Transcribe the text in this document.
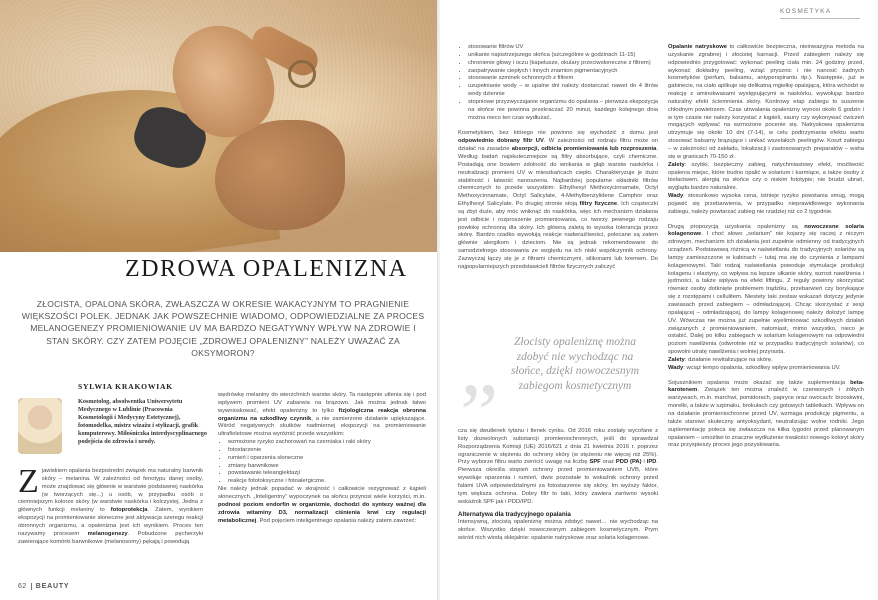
ZDROWA OPALENIZNA
ZŁOCISTA, OPALONA SKÓRA, ZWŁASZCZA W OKRESIE WAKACYJNYM TO PRAGNIENIE WIĘKSZOŚCI POLEK. JEDNAK JAK POWSZECHNIE WIADOMO, ODPOWIEDZIALNE ZA PROCES MELANOGENEZY PROMIENIOWANIE UV MA BARDZO NEGATYWNY WPŁYW NA ZDROWIE I STAN SKÓRY. CZY ZATEM POJĘCIE „ZDROWEJ OPALENIZNY” NALEŻY UWAŻAĆ ZA OKSYMORON?
SYLWIA KRAKOWIAK
Kosmetolog, absolwentka Uniwersytetu Medycznego w Lublinie (Pracownia Kosmetologii i Medycyny Estetycznej), fotomodelka, mistrz wizażu i stylizacji, grafik komputerowy. Miłośniczka interdyscyplinarnego podejścia do zdrowia i urody.

Zjawiskiem opalania bezpośredni związek ma naturalny barwnik skóry – melanina. W zależności od fenotypu danej osoby, może znajdować się głównie w warstwie podstawnej naskórka (w tworzących się...) u osób, w przypadku osób o ciemniejszym kolorze skóry (w warstwie naskórka i kolczystej. Jedna z głównych funkcji melaniny to fotoprotekcja. Zatem, wynikiem ekspozycji na promieniowanie słoneczne jest aktywacja szeregu reakcji obronnych organizmu, a opalenizna jest ich wynikiem. Proces ten nazywamy procesem melanogenezy. Pobudzone pęcherzyki zawierające komórki barwnikowe (melanosomy) pękają i powodują

wędrówkę melaniny do wierzchnich warstw skóry. Ta następnie utlenia się i pod wpływem promieni UV zabarwia na brązowo. Jak można jednak łatwo wywnioskować, efekt opalenizny to tylko fizjologiczna reakcja obronna organizmu na szkodliwy czynnik, a nie zamierzone działanie upiększające. Wśród negatywnych skutków nadmiernej ekspozycji na promieniowanie ultrafioletowe można wyróżnić przede wszystkim:

• wzmożone ryzyko zachorowań na czerniaka i raki skóry
• fotostarzenie
• rumień i oparzenia słoneczne
• zmiany barwnikowe
• powstawanie teleangiektazji
• reakcje fototoksyczne i fotoalergiczne.

Nie należy jednak popadać w skrajność i całkowicie rezygnować z kąpieli słonecznych. „Inteligentny” wypoczynek na słońcu przynosi wiele korzyści, m.in. podnosi poziom endorfin w organizmie, dochodzi do syntezy ważnej dla zdrowia witaminy D3, normalizacji ciśnienia krwi czy regulacji metabolicznej. Pod pojęciem inteligentnego opalania należy zatem zawrzeć:

62 BEAUTY
KOSMETYKA
• stosowanie filtrów UV
• unikanie najostrzejszego słońca (szczególnie w godzinach 11-15)
• chronienie głowy i oczu (kapelusze, okulary przeciwsłoneczne z filtrem)
• zaopatrywanie ciepłych i innych znamion pigmentacyjnych
• stosowanie szminek ochronnych z filtrem
• uzupełnianie wody – w upalne dni należy dostarczać nawet do 4 litrów wody dziennie
• stopniowe przyzwyczajanie organizmu do opalania – pierwsza ekspozycja na słońce nie powinna przekraczać 20 minut, każdego kolejnego dnia można nieco ten czas wydłużać.

Kosmetykiem, bez którego nie powinno się wychodzić z domu jest odpowiednio dobrany filtr UV. W zależności od rodzaju filtru może on działać na zasadzie absorpcji, odbicia promieniowania lub rozproszenia. Według badań najskuteczniejsze są filtry absorbujące, czyli chemiczne. Posiadają one bowiem zdolność do wnikania w głąb warstw naskórka i neutralizacji promieni UV w mieszkańcach ciepło. Charakteryzuje je dużo stabilność i łatwość nanoszenia. Najbardziej popularne składniki filtrów chemicznych to przede wszystkim: Ethylhexyl Methoxycinnamate, Octyl Methoxycinnamate, Octyl Salicylate, 4-Methylbenzylidene Camphor oraz Ethylhexyl Salicylate. Po drugiej stronie stoją filtry fizyczne. Ich cząsteczki są zbyt duże, aby móc wniknąć do naskórka, więc ich mechanizm działania jest odbicie i rozproszenie promieniowania, co tworzy pewnego rodzaju powłokę ochronną dla skóry. Ich główną zaletą to wysoka tolerancja przez skórę. Bardzo rzadko wywołują reakcje nadwrażliwości, polecane są zatem głównie alergikom i dzieciom. Nie są jednak rekomendowane do samodzielnego stosowania ze względu na ich niski współczynnik ochrony. Zazwyczaj łączy się je z filtrami chemicznymi, silikonami lub kremem. Do najpopularniejszych przedstawicieli filtrów fizycznych zaliczyć

„	Złocisty opaleniznę można zdobyć nie wychodząc na słońce, dzięki nowoczesnym zabiegom kosmetycznym

cza się dwutlenek tytanu i tlenek cynku. Od 2016 roku zostały wycofane z listy dozwolonych substancji promieniochronnych, jeśli do sprawdzał Rozporządzenia Komisji (UE) 2016/621 z dnia 21 kwietnia 2016 r. poprzez ograniczenie w stężeniu do ochrony skóry (w stężeniu nie więcej niż 25%). Przy wyborze filtru warto zwrócić uwagę na liczbę SPF oraz PDD (PA) i IPD. Pierwsza określa stopień ochrony przed promieniowaniem UVB, które wywołuje oparzenia i rumień, dwie pozostałe to wskaźnik ochrony przed falami UVA odpowiedzialnymi za fotostarzenie się skóry. Im wyższy faktor, tym większa ochrona. Dobry filtr to taki, który zawiera zarówno wysoki wskaźnik SPF jak i PDD/IPD.

Alternatywa dla tradycyjnego opalania

Intensywną, złocistą opaleniznę można zdobyć nawet… nie wychodząc na słońce. Wszystko dzięki nowoczesnym zabiegom kosmetycznym. Prym wśród nich wiodą sklejalnie: opalanie natryskowe oraz solaria kolagenowe.

Opalanie natryskowe to całkowicie bezpieczna, nieinwazyjna metoda na uzyskanie zgrabnej i złocistej karnacji. Przed zabiegiem należy się odpowiednio przygotować: wykonać peeling ciała min. 24 godziny przed, wykonać dokładny peeling, wziąć prysznic i nie nanosić żadnych kosmetyków (perfum, balsamu, antyperspirantu itp.). Następnie, już w gabinecie, na ciało aplikuje się delikatną mgiełkę opalającą, która wchodzi w reakcję z aminokwasami występującymi w naskórku, wywołując bardzo naturalny efekt ściemnienia skóry. Kontrowy etap zabiegu to suszenie chłodnym powietrzem. Czas utrwalania opalenizny wynosi około 6 godzin i w tym czasie nie należy korzystać z kąpieli, sauny czy wykonywać ćwiczeń mogących wpływać na wzmożone pocenie się. Natryskowa opalenizna utrzymuje się około 10 dni (7-14), w celu podtrzymania efektu warto stosować balsamy brązujące i unikać wszelakich peelingów. Koszt zabiegu – w zależności od zakładu, lokalizacji i zastosowanych preparatów – waha się w granicach 70-150 zł.

Zalety: szybki, bezpieczny zabieg, natychmiastowy efekt, możliwość opalenia miejsc, które trudno opalić w solarium i karmiące, a także osoby z bielactwem, alergią na słońce czy o niskim fototypie; nie brudzi ubrań, wygląda bardzo naturalnie.

Wady: stosunkowo wysoka cena, istnieje ryzyko powstania smug, mogą pojawić się przebarwienia, w przypadku nieprawidłowego wykonania zabiegu, należy powtarzać zabieg nie rzadziej niż co 2 tygodnie.

Drugą propozycją uzyskania opalenizny są nowoczesne solaria kolagenowe. I choć słowo „solarium” nie kojarzy się raczej z niczym zdrowym, mechanizm ich działania jest zupełnie odmienny od tradycyjnych urządzeń. Podstawową różnicą w naświetlaniu do tradycyjnych solariów są lampy zamieszczone w kabinach – tutaj ma się do czynienia z lampami kolagenowymi. Taki rodzaj naświetlania powoduje stymulacje produkcji kolagenu i elastyny, co wpływa na lepsze ułkanie skóry, wzrost nawilżenia i jędrności, a także wpływa na efekt liftingu. Z reguły powinny skorzystać również osoby dotknięte problemem trądziku, przebarwień czy borykające się z rozstępami i cellulitem. Niestety taki zestaw wskazań dotyczy jedynie zawiasach przed zabiegiem – odmładzającej. Chcąc skorzystać z sesji opalającej – odmładzającej, do lampy kolagenowej należy dołożyć lampę UV. Wówczas nie można już zupełnie wyeliminować szkodliwych działań związanych z promieniowaniem, natomiast, mimo wszystko, nieco je ostabić. Dalej po kilku zabiegach w solarium kolagenowym na odpowiedni poziom nawilżenia (odwrotnie niż w przypadku tradycyjnych solariów), co spowolni utratę nawilżenia i wolniej przyrasta.

Zalety: działanie rewitalizujące na skórę.

Wady: wciąż tempo opalania, szkodliwy wpływ promieniowania UV.

Sojusznikiem opalania może okazać się także suplementacja beta-karotenem. Związek ten można znaleźć w czerwonych i żółtych warzywach, m.in. marchwi, pomidorach, papryce oraz owocach: brzoskwini, morelki, a także w szpinaku, brokułach czy gotowych tabletkach. Wpływa on na działanie promieniochronne przed UV, wzmaga produkcję pigmentu, a także stanowi skuteczny antyoksydant, neutralizując wolne rodniki. Jego suplementację poleca się zwłaszcza na kilka tygodni przed planowanym opalaniem – umożliwi to znaczne wydłużenie trwałości nowego koloryt skóry oraz przyspieszy proces jego pozyskiwania.
